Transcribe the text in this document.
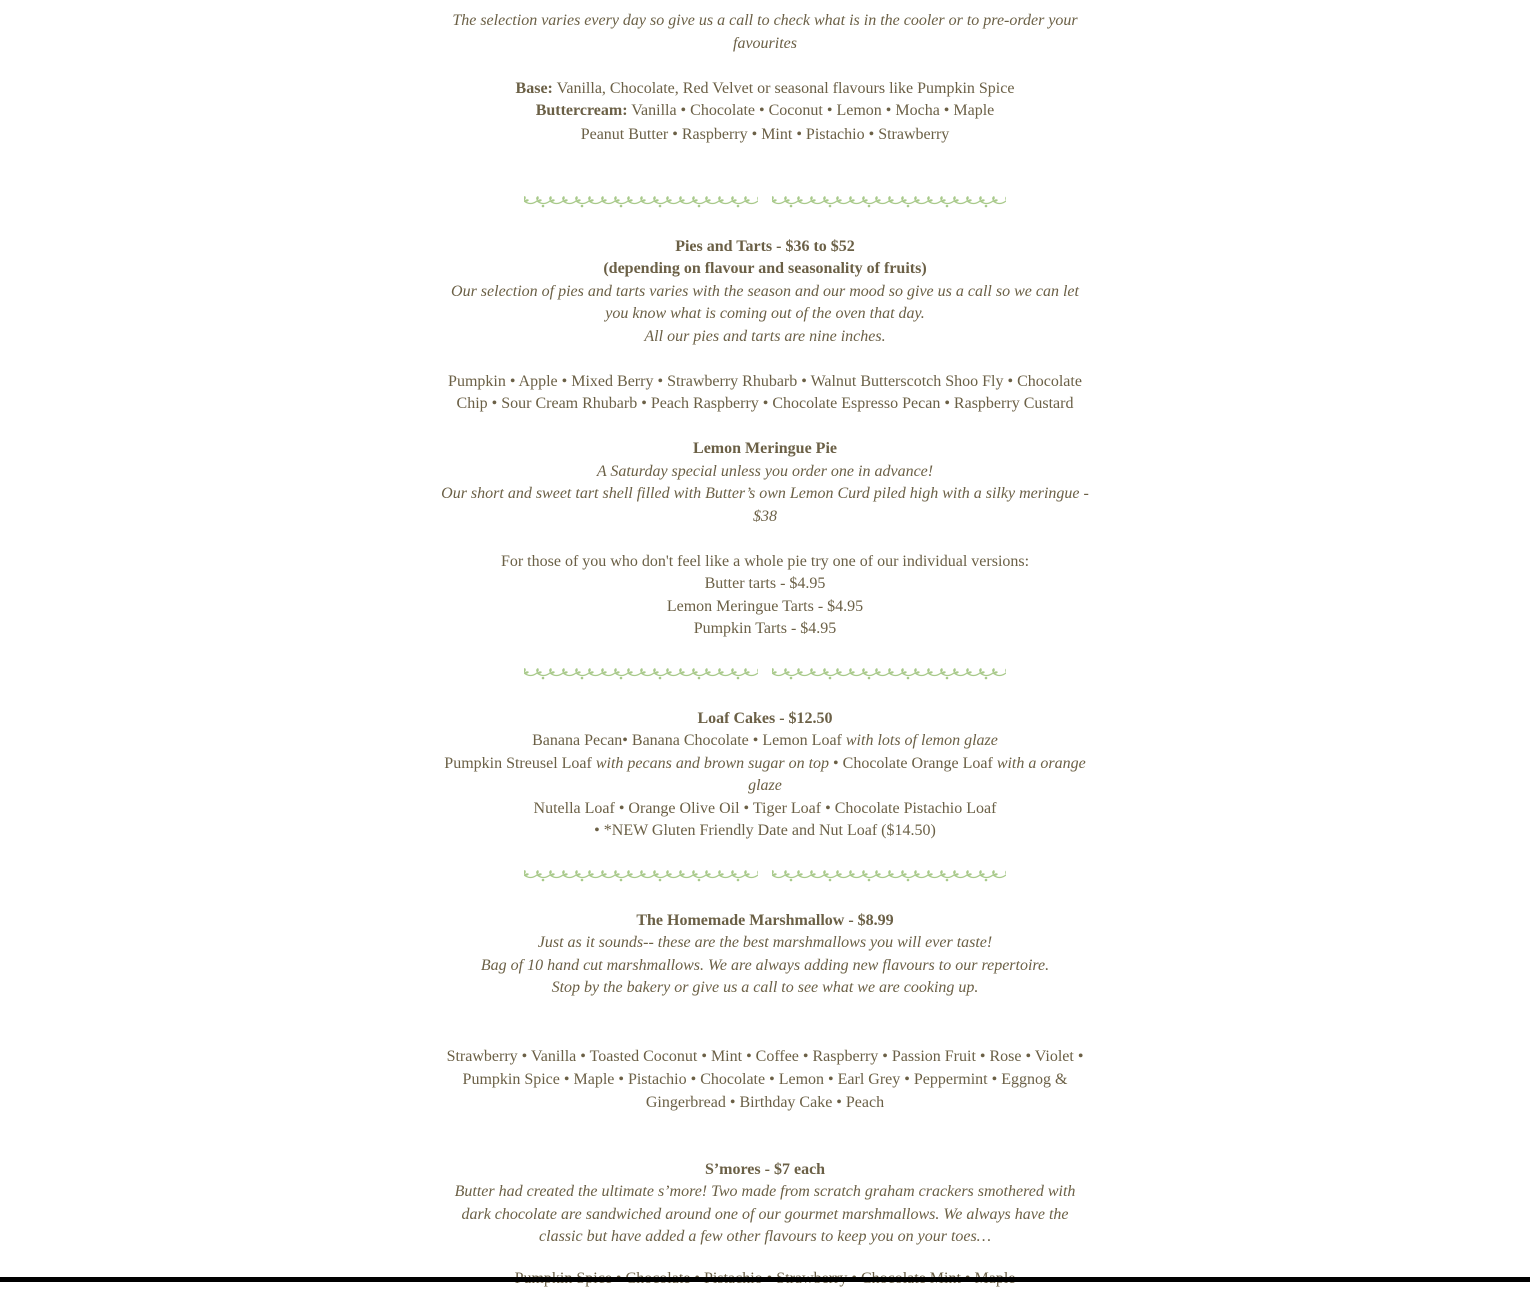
The selection varies every day so give us a call to check what is in the cooler or to pre-order your favourites

Base: Vanilla, Chocolate, Red Velvet or seasonal flavours like Pumpkin Spice

Buttercream: Vanilla • Chocolate • Coconut • Lemon • Mocha • Maple

Peanut Butter • Raspberry • Mint • Pistachio • Strawberry

Pies and Tarts - $36 to $52

(depending on flavour and seasonality of fruits)

Our selection of pies and tarts varies with the season and our mood so give us a call so we can let you know what is coming out of the oven that day.

All our pies and tarts are nine inches.

Pumpkin • Apple • Mixed Berry • Strawberry Rhubarb • Walnut Butterscotch Shoo Fly • Chocolate Chip • Sour Cream Rhubarb • Peach Raspberry • Chocolate Espresso Pecan • Raspberry Custard

Lemon Meringue Pie

A Saturday special unless you order one in advance!

Our short and sweet tart shell filled with Butter’s own Lemon Curd piled high with a silky meringue - $38

For those of you who don't feel like a whole pie try one of our individual versions:

Butter tarts - $4.95

Lemon Meringue Tarts - $4.95

Pumpkin Tarts - $4.95

Loaf Cakes - $12.50

Banana Pecan• Banana Chocolate • Lemon Loaf with lots of lemon glaze

Pumpkin Streusel Loaf with pecans and brown sugar on top • Chocolate Orange Loaf with a orange glaze

Nutella Loaf • Orange Olive Oil • Tiger Loaf • Chocolate Pistachio Loaf

• *NEW Gluten Friendly Date and Nut Loaf ($14.50)

The Homemade Marshmallow - $8.99

Just as it sounds-- these are the best marshmallows you will ever taste!

Bag of 10 hand cut marshmallows. We are always adding new flavours to our repertoire.

Stop by the bakery or give us a call to see what we are cooking up.

Strawberry • Vanilla • Toasted Coconut • Mint • Coffee • Raspberry • Passion Fruit • Rose • Violet • Pumpkin Spice • Maple • Pistachio • Chocolate • Lemon • Earl Grey • Peppermint • Eggnog & Gingerbread • Birthday Cake • Peach

S’mores - $7 each

Butter had created the ultimate s’more! Two made from scratch graham crackers smothered with dark chocolate are sandwiched around one of our gourmet marshmallows. We always have the classic but have added a few other flavours to keep you on your toes…
